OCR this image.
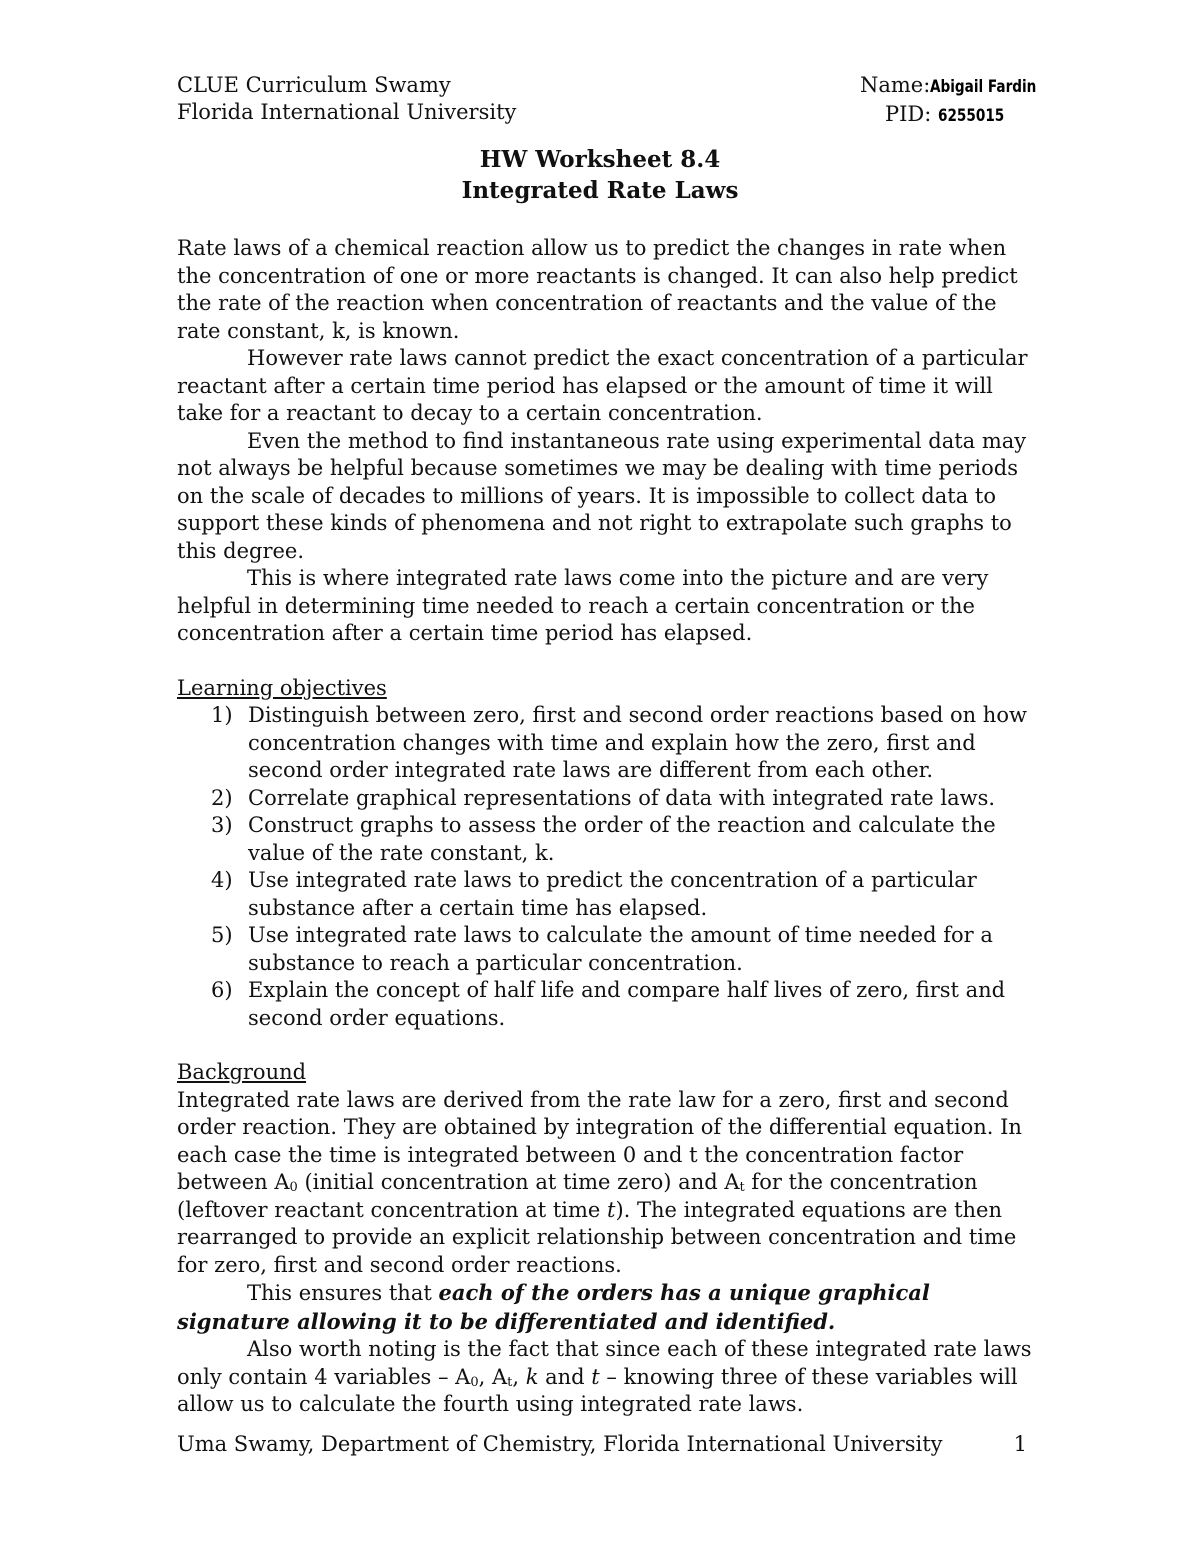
CLUE Curriculum Swamy
Florida International University
Name:Abigail Fardin
PID: 6255015
HW Worksheet 8.4
Integrated Rate Laws

Rate laws of a chemical reaction allow us to predict the changes in rate when the concentration of one or more reactants is changed. It can also help predict the rate of the reaction when concentration of reactants and the value of the rate constant, k, is known.

However rate laws cannot predict the exact concentration of a particular reactant after a certain time period has elapsed or the amount of time it will take for a reactant to decay to a certain concentration.

Even the method to find instantaneous rate using experimental data may not always be helpful because sometimes we may be dealing with time periods on the scale of decades to millions of years. It is impossible to collect data to support these kinds of phenomena and not right to extrapolate such graphs to this degree.

This is where integrated rate laws come into the picture and are very helpful in determining time needed to reach a certain concentration or the concentration after a certain time period has elapsed.

Learning objectives

1) Distinguish between zero, first and second order reactions based on how concentration changes with time and explain how the zero, first and second order integrated rate laws are different from each other.
2) Correlate graphical representations of data with integrated rate laws.
3) Construct graphs to assess the order of the reaction and calculate the value of the rate constant, k.
4) Use integrated rate laws to predict the concentration of a particular substance after a certain time has elapsed.
5) Use integrated rate laws to calculate the amount of time needed for a substance to reach a particular concentration.
6) Explain the concept of half life and compare half lives of zero, first and second order equations.

Background

Integrated rate laws are derived from the rate law for a zero, first and second order reaction. They are obtained by integration of the differential equation. In each case the time is integrated between 0 and t the concentration factor between $A_0$ (initial concentration at time zero) and $A_t$ for the concentration (leftover reactant concentration at time t). The integrated equations are then rearranged to provide an explicit relationship between concentration and time for zero, first and second order reactions.

This ensures that each of the orders has a unique graphical signature allowing it to be differentiated and identified.

Also worth noting is the fact that since each of these integrated rate laws only contain 4 variables – $A_0$, $A_t$, k and t – knowing three of these variables will allow us to calculate the fourth using integrated rate laws.

Uma Swamy, Department of Chemistry, Florida International University	1
